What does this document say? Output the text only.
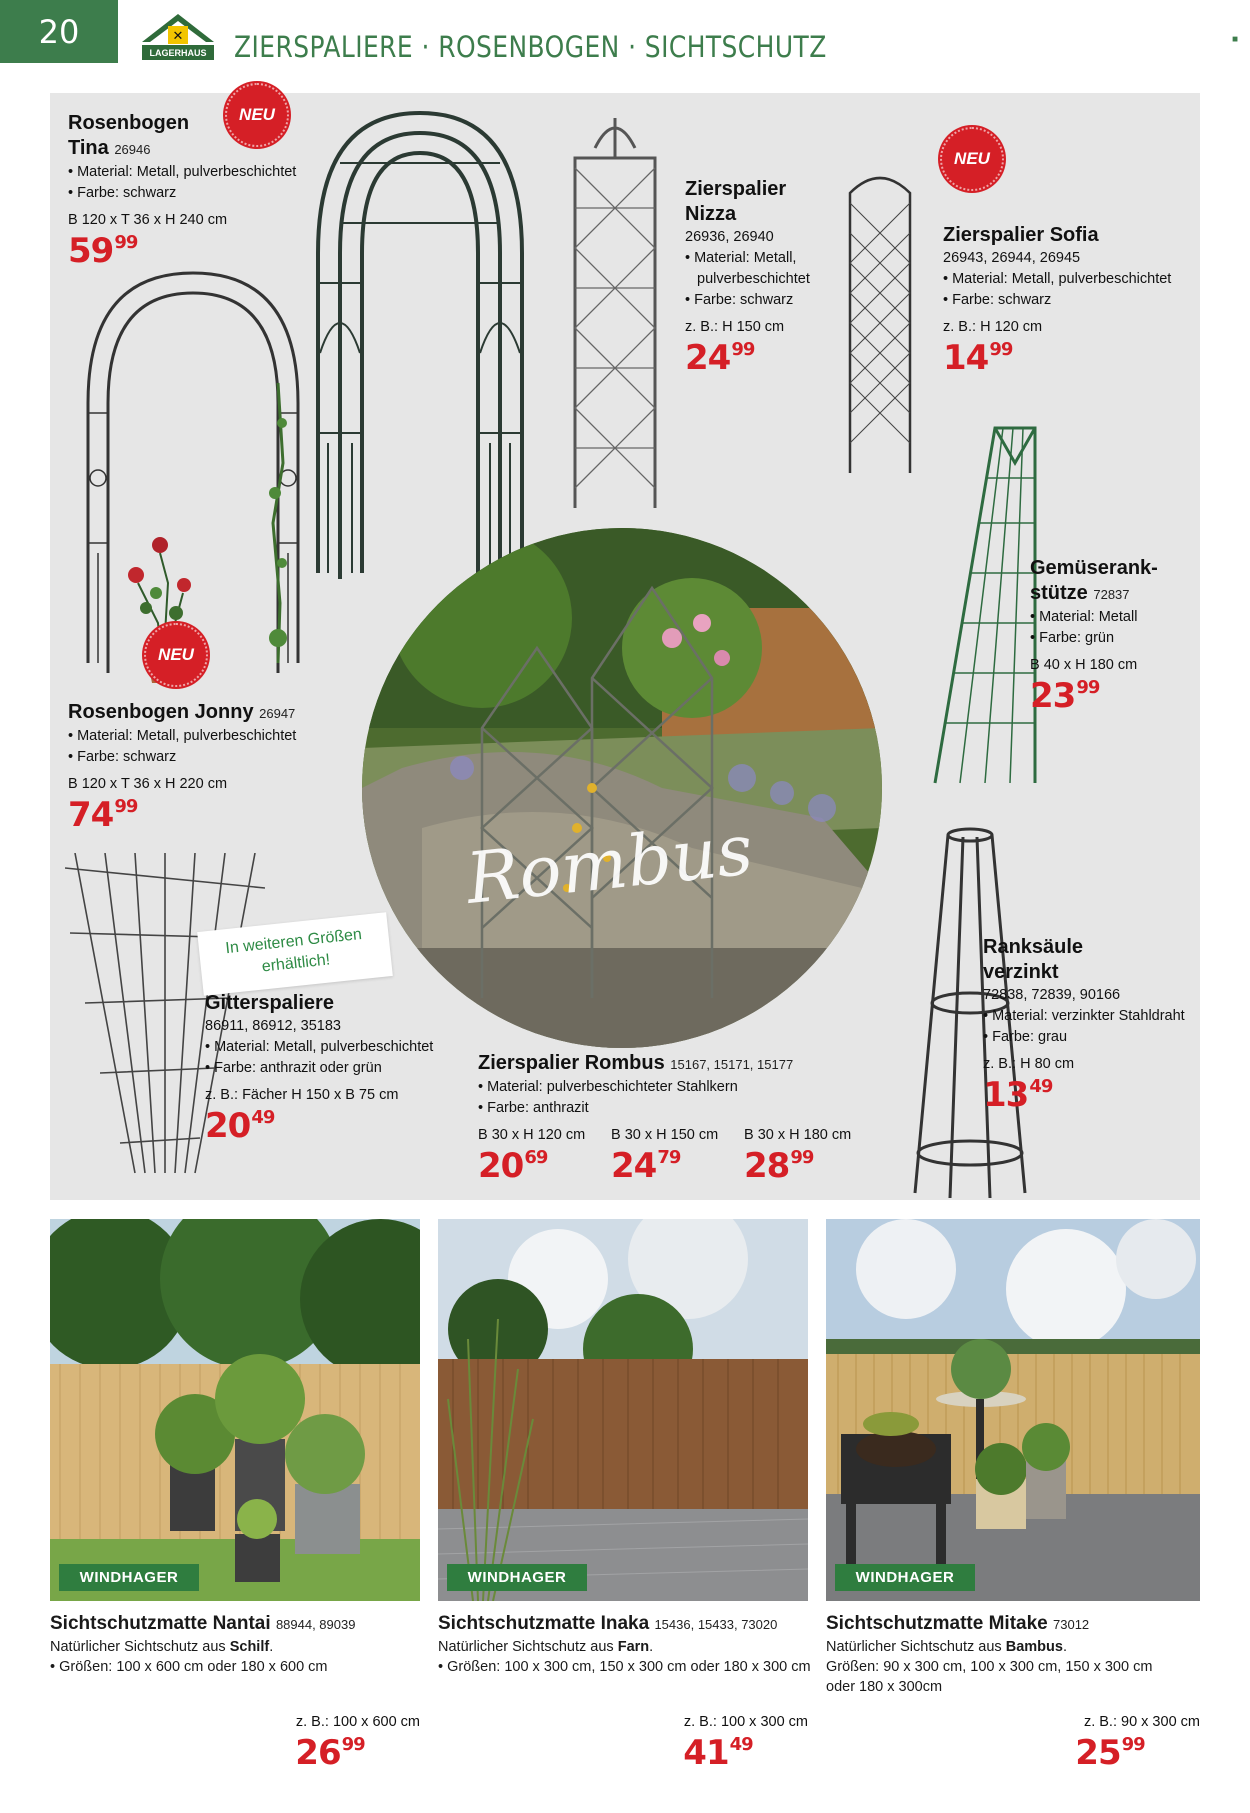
20	✕
LAGERHAUS ZIERSPALIERE · ROSENBOGEN · SICHTSCHUTZ	■
NEU
NEU
NEU
Rosenbogen
Tina 26946
• Material: Metall, pulverbeschichtet
• Farbe: schwarz
B 120 x T 36 x H 240 cm
$59^{99}$
Rosenbogen Jonny 26947
• Material: Metall, pulverbeschichtet
• Farbe: schwarz
B 120 x T 36 x H 220 cm
$74^{99}$
Zierspalier
Nizza
26936, 26940
• Material: Metall,
pulverbeschichtet
• Farbe: schwarz
z. B.: H 150 cm
$24^{99}$
Zierspalier Sofia
26943, 26944, 26945
• Material: Metall, pulverbeschichtet
• Farbe: schwarz
z. B.: H 120 cm
$14^{99}$
Gemüserank-
stütze 72837
• Material: Metall
• Farbe: grün
B 40 x H 180 cm
$23^{99}$
Ranksäule
verzinkt
72838, 72839, 90166
• Material: verzinkter Stahldraht
• Farbe: grau
z. B.: H 80 cm
$13^{49}$
Gitterspaliere
86911, 86912, 35183
• Material: Metall, pulverbeschichtet
• Farbe: anthrazit oder grün
z. B.: Fächer H 150 x B 75 cm
$20^{49}$
Zierspalier Rombus 15167, 15171, 15177
• Material: pulverbeschichteter Stahlkern
• Farbe: anthrazit
B 30 x H 120 cm
$20^{69}$
B 30 x H 150 cm
$24^{79}$
B 30 x H 180 cm
$28^{99}$
Rombus
In weiteren Größen erhältlich!
WINDHAGER	WINDHAGER	WINDHAGER
Sichtschutzmatte Nantai 88944, 89039
Natürlicher Sichtschutz aus Schilf.
• Größen: 100 x 600 cm oder 180 x 600 cm
z. B.: 100 x 600 cm
$26^{99}$
Sichtschutzmatte Inaka 15436, 15433, 73020
Natürlicher Sichtschutz aus Farn.
• Größen: 100 x 300 cm, 150 x 300 cm oder 180 x 300 cm
z. B.: 100 x 300 cm
$41^{49}$
Sichtschutzmatte Mitake 73012
Natürlicher Sichtschutz aus Bambus.
Größen: 90 x 300 cm, 100 x 300 cm, 150 x 300 cm
oder 180 x 300cm
z. B.: 90 x 300 cm
$25^{99}$
